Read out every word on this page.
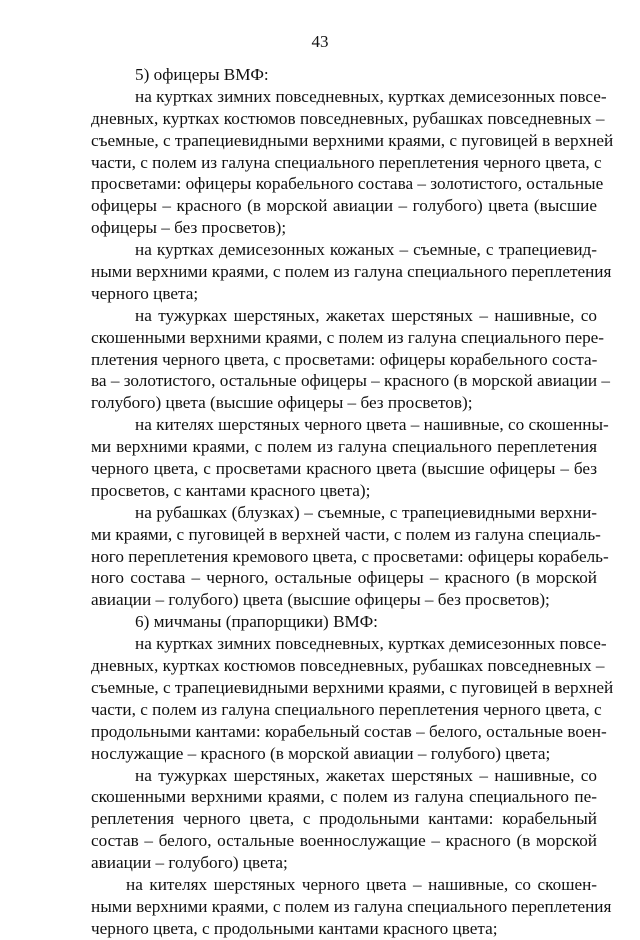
43
5) офицеры ВМФ:
на куртках зимних повседневных, куртках демисезонных повсе-
дневных, куртках костюмов повседневных, рубашках повседневных –
съемные, с трапециевидными верхними краями, с пуговицей в верхней
части, с полем из галуна специального переплетения черного цвета, с
просветами: офицеры корабельного состава – золотистого, остальные
офицеры – красного (в морской авиации – голубого) цвета (высшие
офицеры – без просветов);
на куртках демисезонных кожаных – съемные, с трапециевид-
ными верхними краями, с полем из галуна специального переплетения
черного цвета;
на тужурках шерстяных, жакетах шерстяных – нашивные, со
скошенными верхними краями, с полем из галуна специального пере-
плетения черного цвета, с просветами: офицеры корабельного соста-
ва – золотистого, остальные офицеры – красного (в морской авиации –
голубого) цвета (высшие офицеры – без просветов);
на кителях шерстяных черного цвета – нашивные, со скошенны-
ми верхними краями, с полем из галуна специального переплетения
черного цвета, с просветами красного цвета (высшие офицеры – без
просветов, с кантами красного цвета);
на рубашках (блузках) – съемные, с трапециевидными верхни-
ми краями, с пуговицей в верхней части, с полем из галуна специаль-
ного переплетения кремового цвета, с просветами: офицеры корабель-
ного состава – черного, остальные офицеры – красного (в морской
авиации – голубого) цвета (высшие офицеры – без просветов);
6) мичманы (прапорщики) ВМФ:
на куртках зимних повседневных, куртках демисезонных повсе-
дневных, куртках костюмов повседневных, рубашках повседневных –
съемные, с трапециевидными верхними краями, с пуговицей в верхней
части, с полем из галуна специального переплетения черного цвета, с
продольными кантами: корабельный состав – белого, остальные воен-
нослужащие – красного (в морской авиации – голубого) цвета;
на тужурках шерстяных, жакетах шерстяных – нашивные, со
скошенными верхними краями, с полем из галуна специального пе-
реплетения черного цвета, с продольными кантами: корабельный
состав – белого, остальные военнослужащие – красного (в морской
авиации – голубого) цвета;
на кителях шерстяных черного цвета – нашивные, со скошен-
ными верхними краями, с полем из галуна специального переплетения
черного цвета, с продольными кантами красного цвета;
